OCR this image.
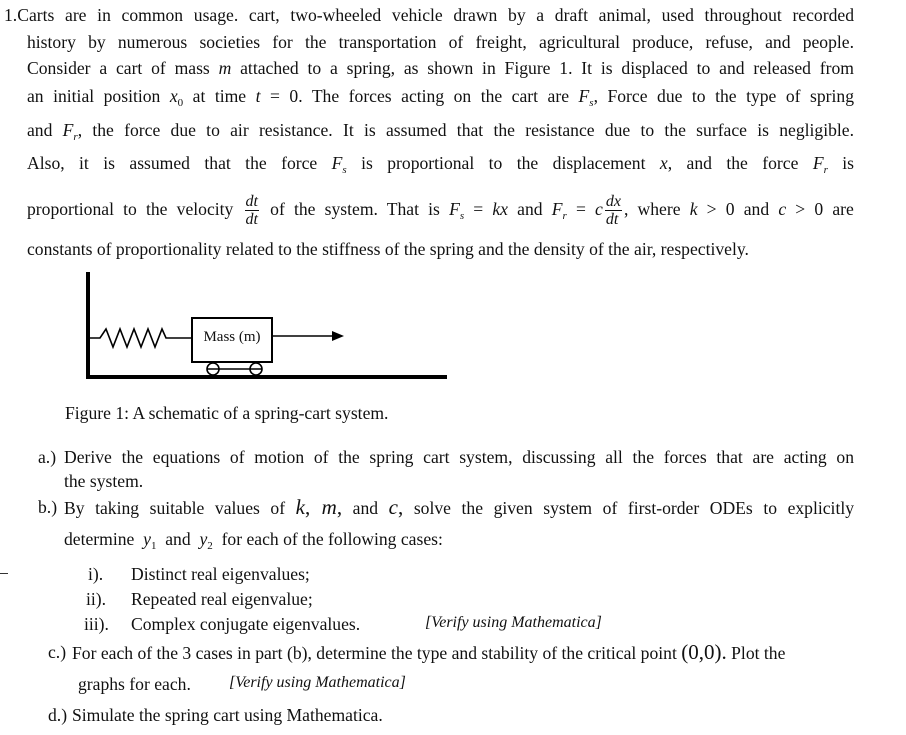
1.Carts are in common usage. cart, two-wheeled vehicle drawn by a draft animal, used throughout recorded
history by numerous societies for the transportation of freight, agricultural produce, refuse, and people.
Consider a cart of mass m attached to a spring, as shown in Figure 1. It is displaced to and released from
an initial position $x_0$ at time t = 0. The forces acting on the cart are $F_s$, Force due to the type of spring
and $F_r$, the force due to air resistance. It is assumed that the resistance due to the surface is negligible.
Also, it is assumed that the force $F_s$ is proportional to the displacement x, and the force $F_r$ is
proportional to the velocity $\frac{dt}{dt}$ of the system. That is $F_s$ = kx and $F_r = c \frac{dx}{dt}$ , where k > 0 and c > 0 are
constants of proportionality related to the stiffness of the spring and the density of the air, respectively.
Mass (m)
Figure 1: A schematic of a spring-cart system.
a.) Derive the equations of motion of the spring cart system, discussing all the forces that are acting on
the system.
b.) By taking suitable values of k, m, and c, solve the given system of first-order ODEs to explicitly
determine $y_1$ and $y_2$ for each of the following cases:
i). Distinct real eigenvalues;
ii). Repeated real eigenvalue;
iii). Complex conjugate eigenvalues.	[Verify using Mathematica]
c.) For each of the 3 cases in part (b), determine the type and stability of the critical point (0,0). Plot the
graphs for each. [Verify using Mathematica]
d.) Simulate the spring cart using Mathematica.
